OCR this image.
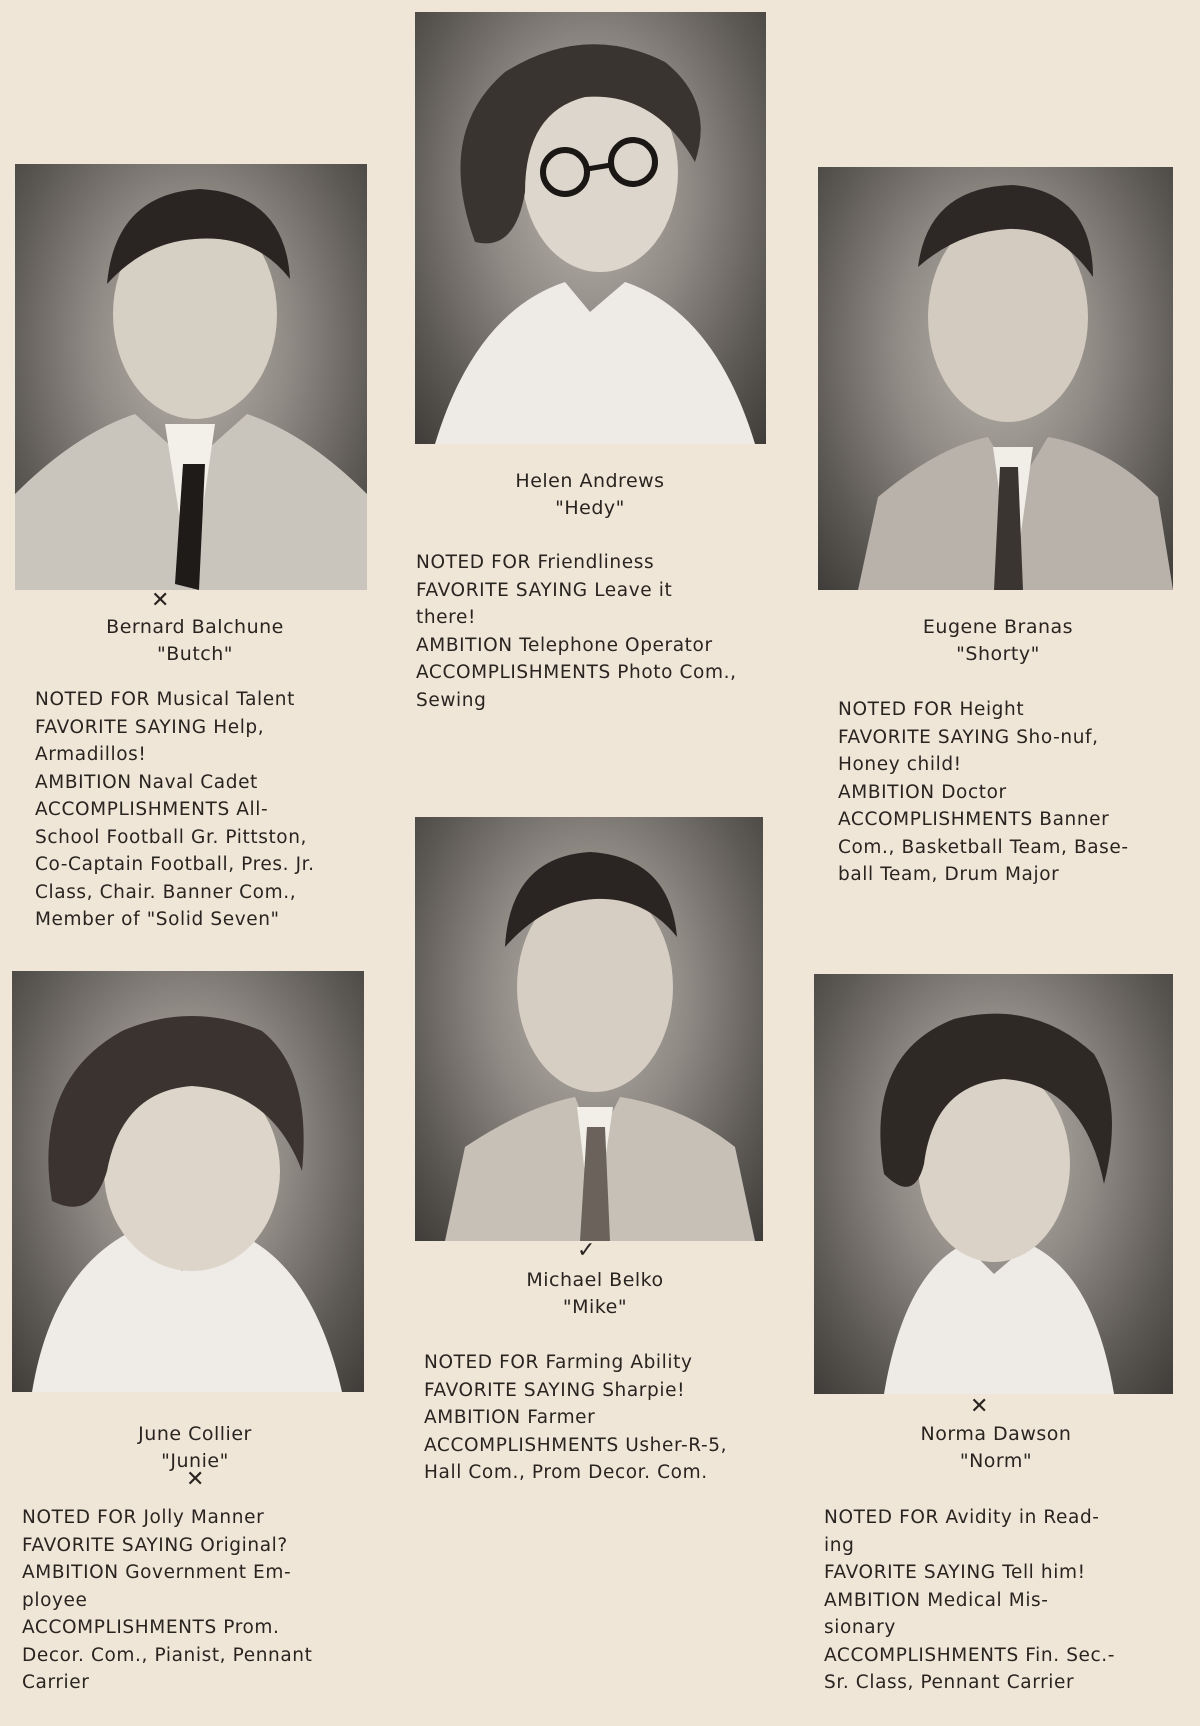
Bernard Balchune
"Butch"
✕
NOTED FOR Musical Talent
FAVORITE SAYING Help,
Armadillos!
AMBITION Naval Cadet
ACCOMPLISHMENTS All-
School Football Gr. Pittston,
Co-Captain Football, Pres. Jr.
Class, Chair. Banner Com.,
Member of "Solid Seven"
Helen Andrews
"Hedy"
NOTED FOR Friendliness
FAVORITE SAYING Leave it
there!
AMBITION Telephone Operator
ACCOMPLISHMENTS Photo Com.,
Sewing
Eugene Branas
"Shorty"
NOTED FOR Height
FAVORITE SAYING Sho-nuf,
Honey child!
AMBITION Doctor
ACCOMPLISHMENTS Banner
Com., Basketball Team, Base-
ball Team, Drum Major
June Collier
"Junie"
✕
NOTED FOR Jolly Manner
FAVORITE SAYING Original?
AMBITION Government Em-
ployee
ACCOMPLISHMENTS Prom.
Decor. Com., Pianist, Pennant
Carrier
Michael Belko
"Mike"
✓
NOTED FOR Farming Ability
FAVORITE SAYING Sharpie!
AMBITION Farmer
ACCOMPLISHMENTS Usher-R-5,
Hall Com., Prom Decor. Com.
Norma Dawson
"Norm"
✕
NOTED FOR Avidity in Read-
ing
FAVORITE SAYING Tell him!
AMBITION Medical Mis-
sionary
ACCOMPLISHMENTS Fin. Sec.-
Sr. Class, Pennant Carrier
